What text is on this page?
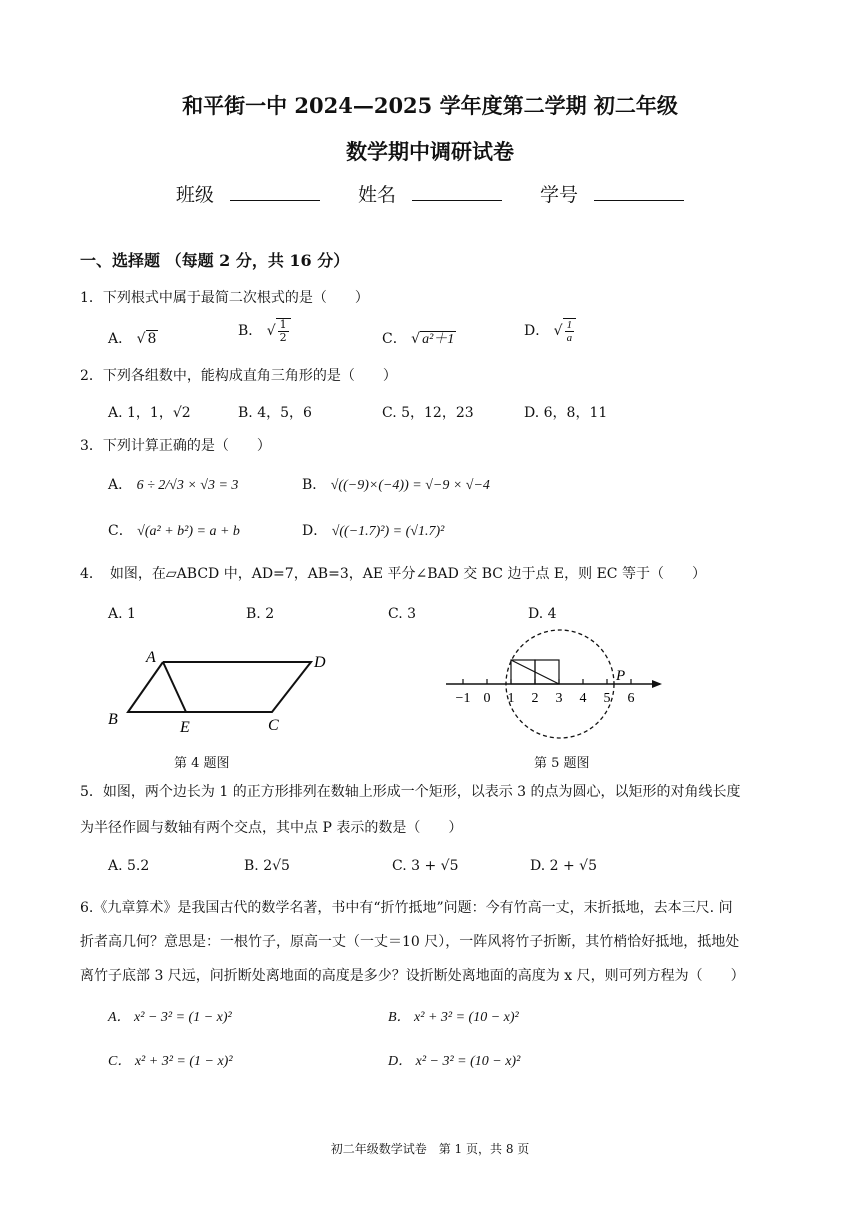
和平街一中 2024—2025 学年度第二学期 初二年级
数学期中调研试卷
班级	姓名	学号
一、选择题 （每题 2 分，共 16 分）
1．下列根式中属于最简二次根式的是（　　）
A． √ 8	B． √ $\frac{1}{2}$	C． √ a²＋1
D． √ $\frac{1}{a}$
2．下列各组数中，能构成直角三角形的是（　　）
A. 1，1，√2	B. 4，5，6	C. 5，12，23	D. 6，8，11
3．下列计算正确的是（　　）
A． 6 ÷ 2/√3 × √3 = 3	B． √((−9)×(−4)) = √−9 × √−4
C． √(a² + b²) = a + b	D． √((−1.7)²) = (√1.7)²
4．　如图，在▱ABCD 中，AD=7，AB=3，AE 平分∠BAD 交 BC 边于点 E，则 EC 等于（　　）
A. 1	B. 2	C. 3	D. 4
A	D
B	E	C
第 4 题图
−1 0 1 2 3 4 5 6
P
第 5 题图
5．如图，两个边长为 1 的正方形排列在数轴上形成一个矩形，以表示 3 的点为圆心，以矩形的对角线长度
为半径作圆与数轴有两个交点，其中点 P 表示的数是（　　）
A. 5.2	B. 2√5	C. 3 + √5	D. 2 + √5
6.《九章算术》是我国古代的数学名著，书中有“折竹抵地”问题：今有竹高一丈，末折抵地，去本三尺. 问
折者高几何？意思是：一根竹子，原高一丈（一丈＝10 尺），一阵风将竹子折断，其竹梢恰好抵地，抵地处
离竹子底部 3 尺远，问折断处离地面的高度是多少？设折断处离地面的高度为 x 尺，则可列方程为（　　）
A． x² − 3² = (1 − x)²	B． x² + 3² = (10 − x)²
C． x² + 3² = (1 − x)²	D． x² − 3² = (10 − x)²
初二年级数学试卷　第 1 页，共 8 页
